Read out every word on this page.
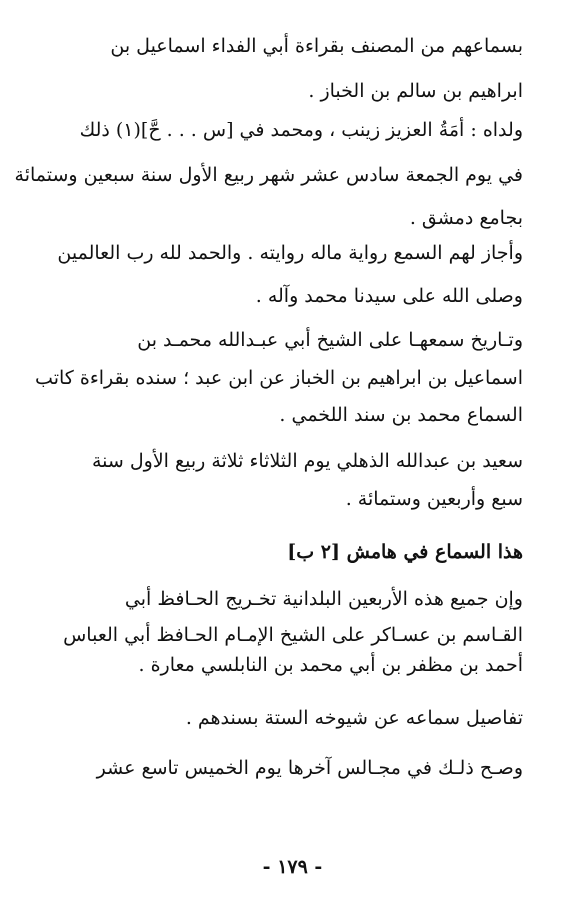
بسماعهم من المصنف بقراءة أبي الفداء اسماعيل بن
ابراهيم بن سالم بن الخباز .
ولداه : أمَةُ العزيز زينب ، ومحمد في [س . . . حَّ](١) ذلك
في يوم الجمعة سادس عشر شهر ربيع الأول سنة سبعين وستمائة
بجامع دمشق .
وأجاز لهم السمع رواية ماله روايته . والحمد لله رب العالمين
وصلى الله على سيدنا محمد وآله .
وتـاريخ سمعهـا على الشيخ أبي عبـدالله محمـد بن
اسماعيل بن ابراهيم بن الخباز عن ابن عبد ؛ سنده بقراءة كاتب
السماع محمد بن سند اللخمي .
سعيد بن عبدالله الذهلي يوم الثلاثاء ثلاثة ربيع الأول سنة
سبع وأربعين وستمائة .
هذا السماع في هامش [٢ ب]
وإن جميع هذه الأربعين البلدانية تخـريج الحـافظ أبي
القـاسم بن عسـاكر على الشيخ الإمـام الحـافظ أبي العباس
أحمد بن مظفر بن أبي محمد بن النابلسي معارة .
تفاصيل سماعه عن شيوخه الستة بسندهم .
وصـح ذلـك في مجـالس آخرها يوم الخميس تاسع عشر
- ١٧٩ -
